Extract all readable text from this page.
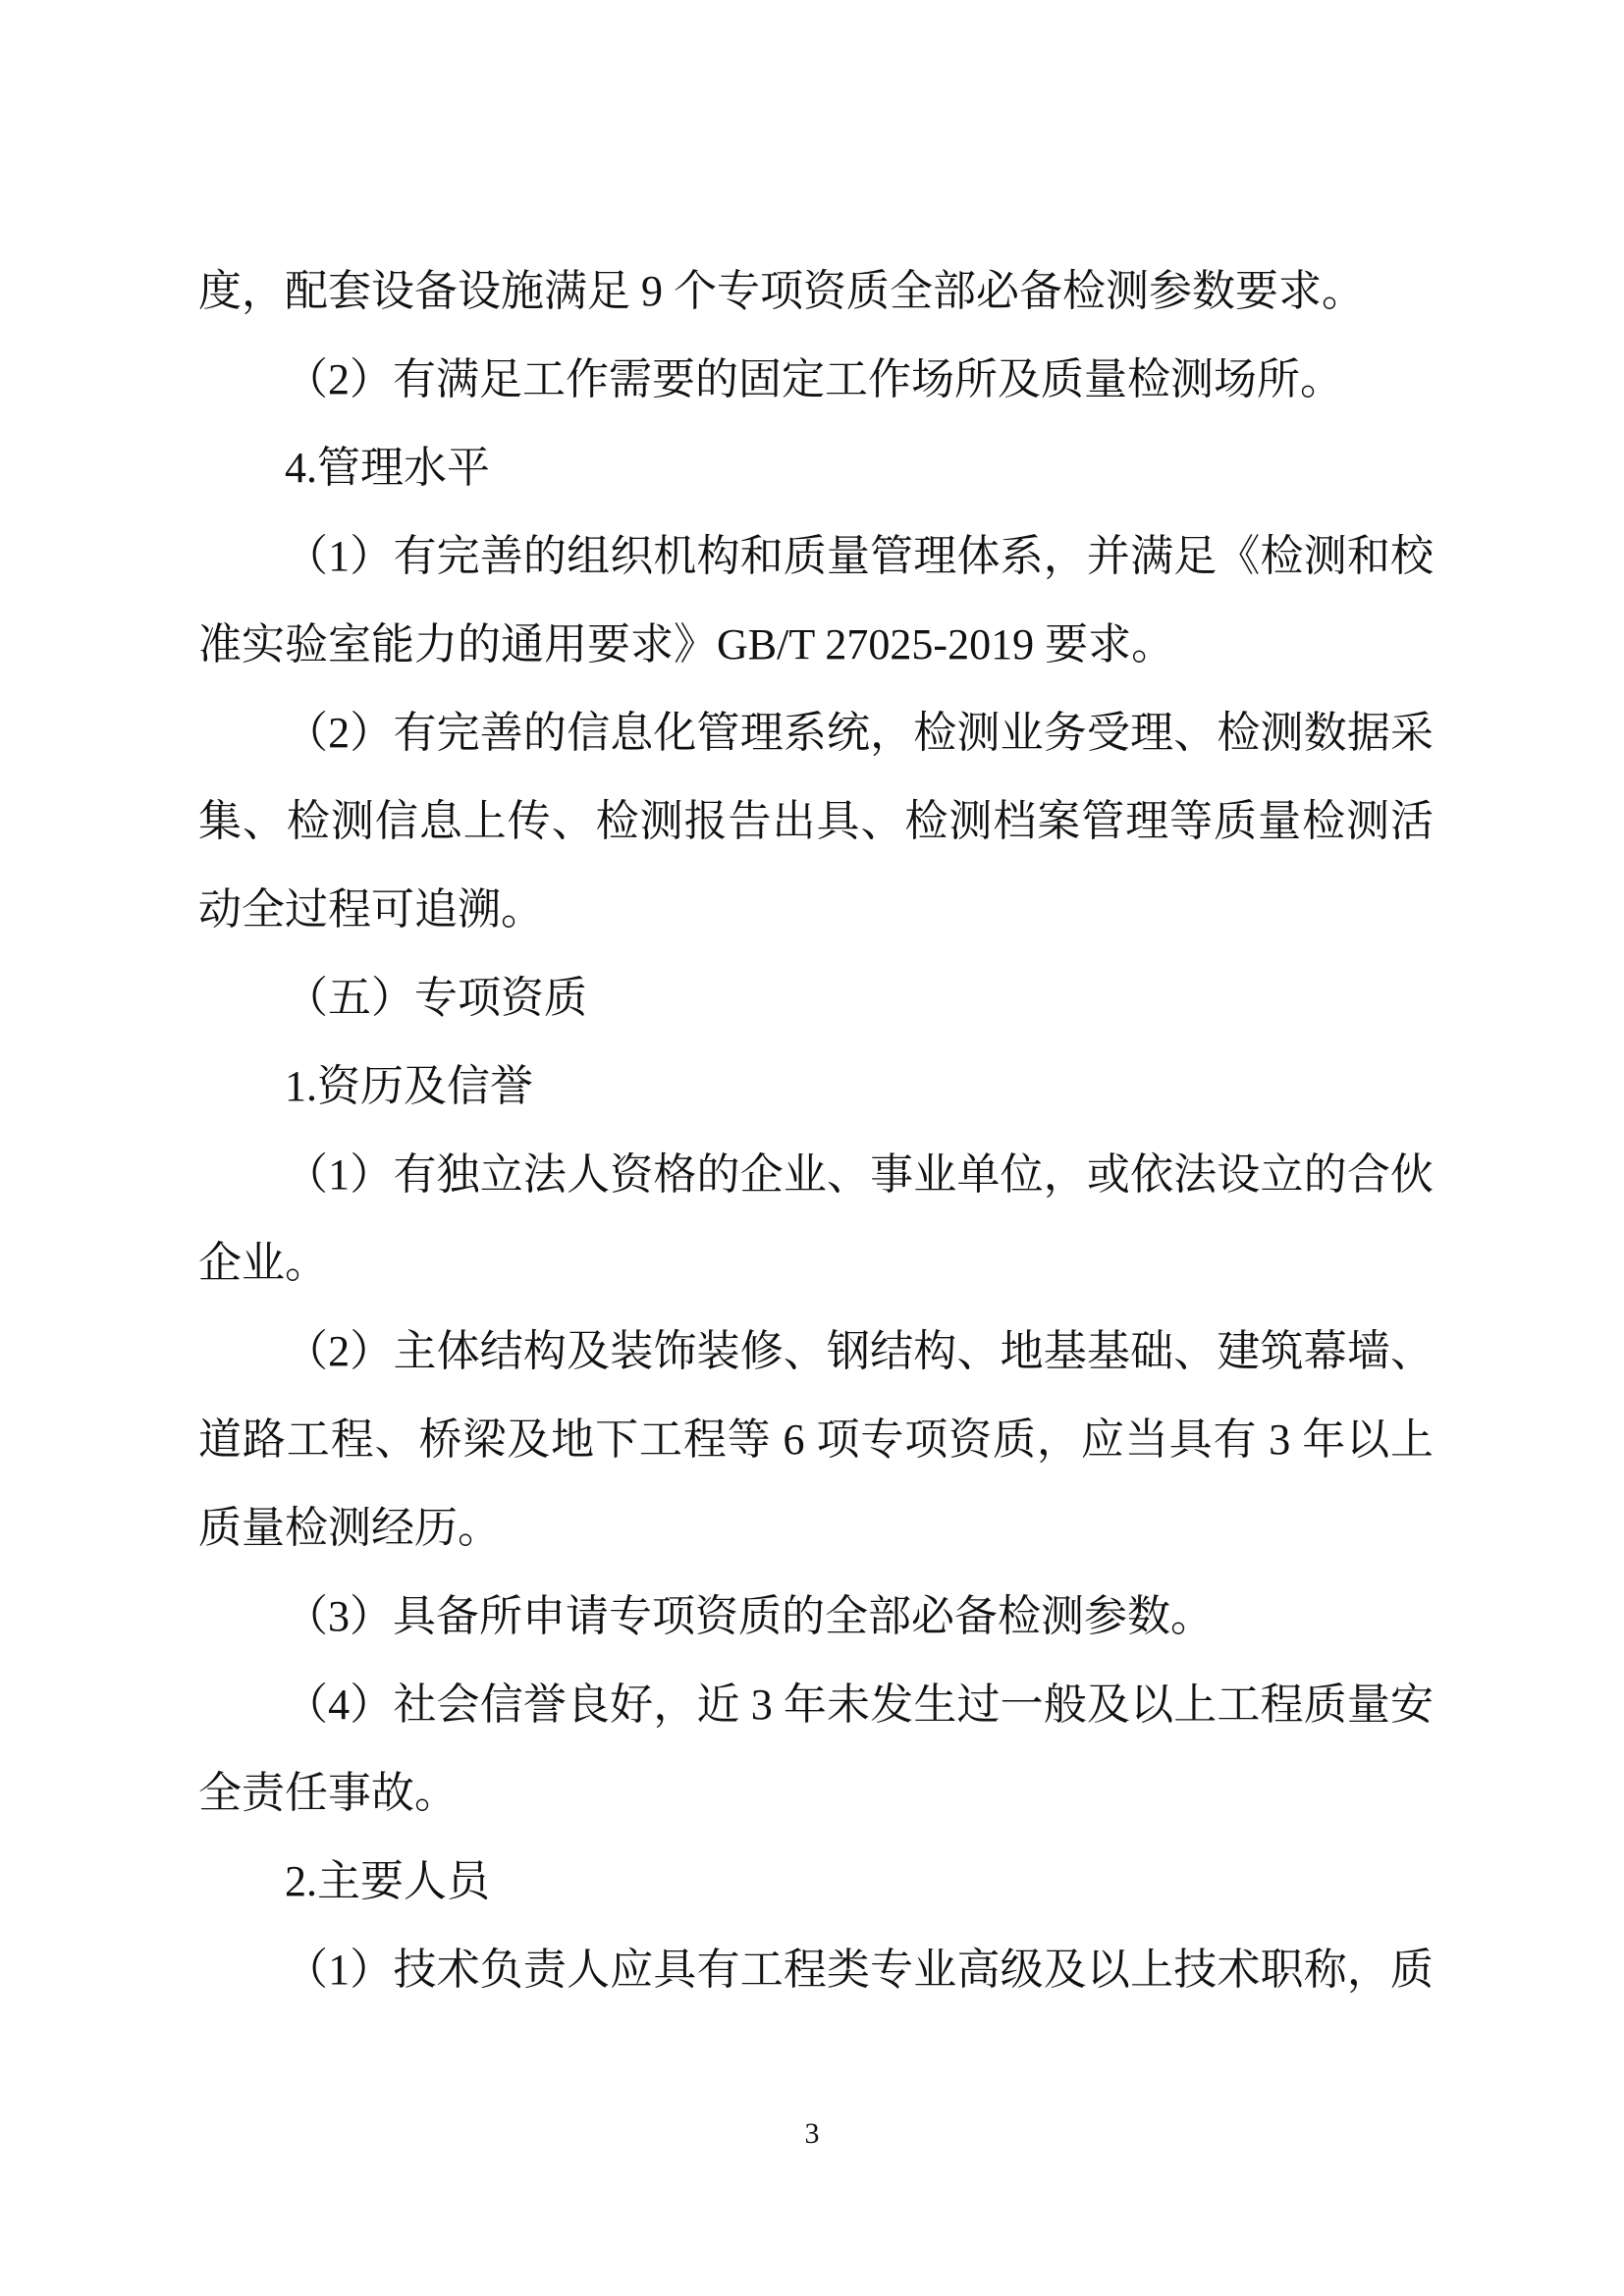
度，配套设备设施满足 9 个专项资质全部必备检测参数要求。
（2）有满足工作需要的固定工作场所及质量检测场所。
4.管理水平
（1）有完善的组织机构和质量管理体系，并满足《检测和校
准实验室能力的通用要求》GB/T 27025-2019 要求。
（2）有完善的信息化管理系统，检测业务受理、检测数据采
集、检测信息上传、检测报告出具、检测档案管理等质量检测活
动全过程可追溯。
（五）专项资质
1.资历及信誉
（1）有独立法人资格的企业、事业单位，或依法设立的合伙
企业。
（2）主体结构及装饰装修、钢结构、地基基础、建筑幕墙、
道路工程、桥梁及地下工程等 6 项专项资质，应当具有 3 年以上
质量检测经历。
（3）具备所申请专项资质的全部必备检测参数。
（4）社会信誉良好，近 3 年未发生过一般及以上工程质量安
全责任事故。
2.主要人员
（1）技术负责人应具有工程类专业高级及以上技术职称，质
3
